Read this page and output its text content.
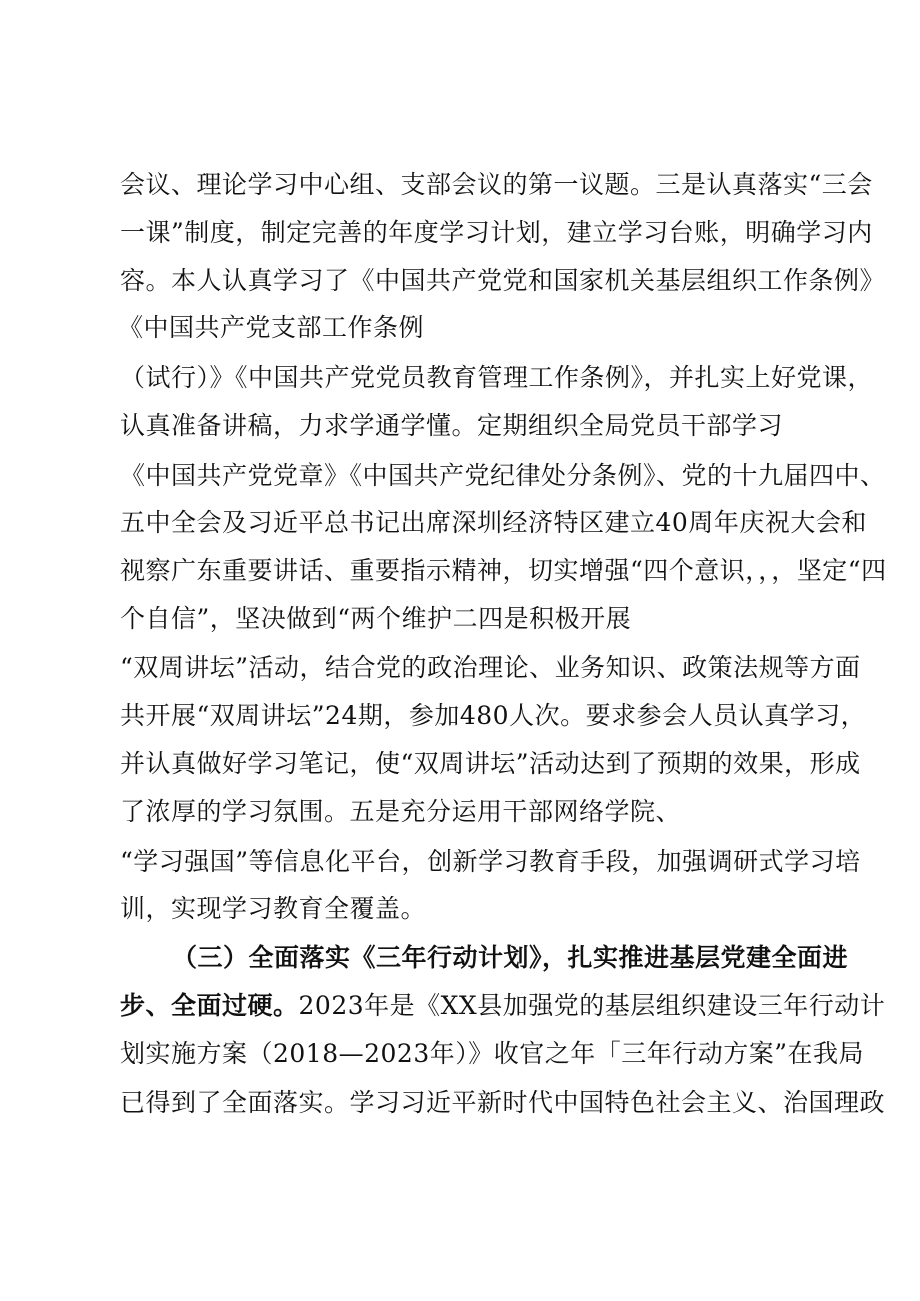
会议、理论学习中心组、支部会议的第一议题。三是认真落实“三会
一课”制度，制定完善的年度学习计划，建立学习台账，明确学习内
容。本人认真学习了《中国共产党党和国家机关基层组织工作条例》
《中国共产党支部工作条例
（试行）》《中国共产党党员教育管理工作条例》，并扎实上好党课，
认真准备讲稿，力求学通学懂。定期组织全局党员干部学习
《中国共产党党章》《中国共产党纪律处分条例》、党的十九届四中、
五中全会及习近平总书记出席深圳经济特区建立40周年庆祝大会和
视察广东重要讲话、重要指示精神，切实增强“四个意识，，，坚定“四
个自信”，坚决做到“两个维护二四是积极开展
“双周讲坛”活动，结合党的政治理论、业务知识、政策法规等方面
共开展“双周讲坛”24期，参加480人次。要求参会人员认真学习，
并认真做好学习笔记，使“双周讲坛”活动达到了预期的效果，形成
了浓厚的学习氛围。五是充分运用干部网络学院、
“学习强国”等信息化平台，创新学习教育手段，加强调研式学习培
训，实现学习教育全覆盖。
（三）全面落实《三年行动计划》，扎实推进基层党建全面进
步、全面过硬。2023年是《XX县加强党的基层组织建设三年行动计
划实施方案（2018—2023年）》收官之年「三年行动方案”在我局
已得到了全面落实。学习习近平新时代中国特色社会主义、治国理政
